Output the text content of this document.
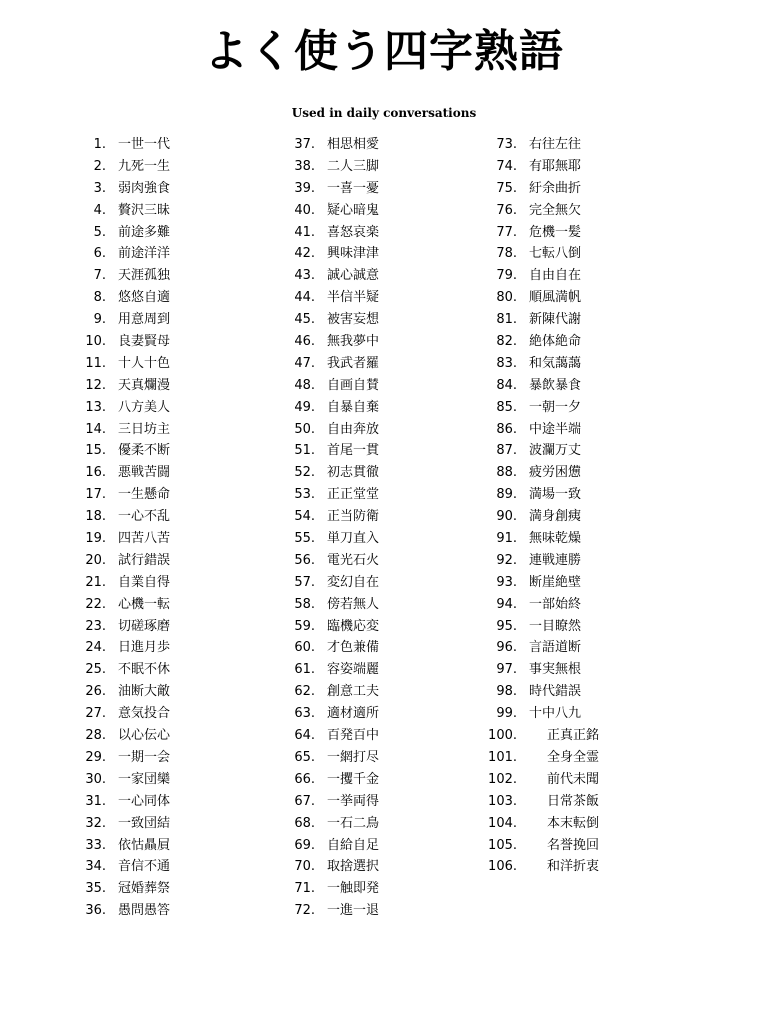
よく使う四字熟語
Used in daily conversations
1. 一世一代
2. 九死一生
3. 弱肉強食
4. 贅沢三昧
5. 前途多難
6. 前途洋洋
7. 天涯孤独
8. 悠悠自適
9. 用意周到
10. 良妻賢母
11. 十人十色
12. 天真爛漫
13. 八方美人
14. 三日坊主
15. 優柔不断
16. 悪戦苦闘
17. 一生懸命
18. 一心不乱
19. 四苦八苦
20. 試行錯誤
21. 自業自得
22. 心機一転
23. 切磋琢磨
24. 日進月歩
25. 不眠不休
26. 油断大敵
27. 意気投合
28. 以心伝心
29. 一期一会
30. 一家団欒
31. 一心同体
32. 一致団結
33. 依怙贔屓
34. 音信不通
35. 冠婚葬祭
36. 愚問愚答
37. 相思相愛
38. 二人三脚
39. 一喜一憂
40. 疑心暗鬼
41. 喜怒哀楽
42. 興味津津
43. 誠心誠意
44. 半信半疑
45. 被害妄想
46. 無我夢中
47. 我武者羅
48. 自画自賛
49. 自暴自棄
50. 自由奔放
51. 首尾一貫
52. 初志貫徹
53. 正正堂堂
54. 正当防衛
55. 単刀直入
56. 電光石火
57. 変幻自在
58. 傍若無人
59. 臨機応変
60. 才色兼備
61. 容姿端麗
62. 創意工夫
63. 適材適所
64. 百発百中
65. 一網打尽
66. 一攫千金
67. 一挙両得
68. 一石二鳥
69. 自給自足
70. 取捨選択
71. 一触即発
72. 一進一退
73. 右往左往
74. 有耶無耶
75. 紆余曲折
76. 完全無欠
77. 危機一髪
78. 七転八倒
79. 自由自在
80. 順風満帆
81. 新陳代謝
82. 絶体絶命
83. 和気藹藹
84. 暴飲暴食
85. 一朝一夕
86. 中途半端
87. 波瀾万丈
88. 疲労困憊
89. 満場一致
90. 満身創痍
91. 無味乾燥
92. 連戦連勝
93. 断崖絶壁
94. 一部始終
95. 一目瞭然
96. 言語道断
97. 事実無根
98. 時代錯誤
99. 十中八九
100. 正真正銘
101. 全身全霊
102. 前代未聞
103. 日常茶飯
104. 本末転倒
105. 名誉挽回
106. 和洋折衷
